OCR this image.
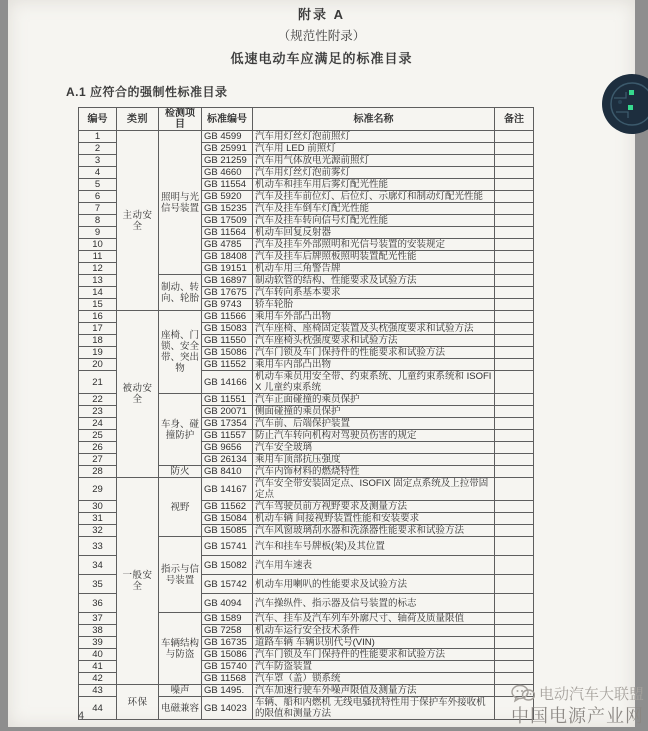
附录 A
（规范性附录）
低速电动车应满足的标准目录
A.1 应符合的强制性标准目录
编号	类别	检测项目	标准编号	标准名称	备注
1	主动安全	照明与光信号装置	GB 4599	汽车用灯丝灯泡前照灯	
2			GB 25991	汽车用 LED 前照灯	
3			GB 21259	汽车用气体放电光源前照灯	
4			GB 4660	汽车用灯丝灯泡前雾灯	
5			GB 11554	机动车和挂车用后雾灯配光性能	
6			GB 5920	汽车及挂车前位灯、后位灯、示廓灯和制动灯配光性能	
7			GB 15235	汽车及挂车倒车灯配光性能	
8			GB 17509	汽车及挂车转向信号灯配光性能	
9			GB 11564	机动车回复反射器	
10			GB 4785	汽车及挂车外部照明和光信号装置的安装规定	
11			GB 18408	汽车及挂车后牌照板照明装置配光性能	
12			GB 19151	机动车用三角警告牌	
13		制动、转向、轮胎	GB 16897	制动软管的结构、性能要求及试验方法	
14			GB 17675	汽车转向系基本要求	
15			GB 9743	轿车轮胎	
16	被动安全	座椅、门锁、安全带、突出物	GB 11566	乘用车外部凸出物	
17			GB 15083	汽车座椅、座椅固定装置及头枕强度要求和试验方法	
18			GB 11550	汽车座椅头枕强度要求和试验方法	
19			GB 15086	汽车门锁及车门保持件的性能要求和试验方法	
20			GB 11552	乘用车内部凸出物	
21			GB 14166	机动车乘员用安全带、约束系统、儿童约束系统和 ISOFIX 儿童约束系统	
22		车身、碰撞防护	GB 11551	汽车正面碰撞的乘员保护	
23			GB 20071	侧面碰撞的乘员保护	
24			GB 17354	汽车前、后端保护装置	
25			GB 11557	防止汽车转向机构对驾驶员伤害的规定	
26			GB 9656	汽车安全玻璃	
27			GB 26134	乘用车顶部抗压强度	
28		防火	GB 8410	汽车内饰材料的燃烧特性	
29	一般安全	视野	GB 14167	汽车安全带安装固定点、ISOFIX 固定点系统及上拉带固定点	
30			GB 11562	汽车驾驶员前方视野要求及测量方法	
31			GB 15084	机动车辆 间接视野装置性能和安装要求	
32			GB 15085	汽车风窗玻璃刮水器和洗涤器性能要求和试验方法	
33		指示与信号装置	GB 15741	汽车和挂车号牌板(架)及其位置	
34			GB 15082	汽车用车速表	
35			GB 15742	机动车用喇叭的性能要求及试验方法	
36			GB 4094	汽车操纵件、指示器及信号装置的标志	
37		车辆结构与防盗	GB 1589	汽车、挂车及汽车列车外廓尺寸、轴荷及质量限值	
38			GB 7258	机动车运行安全技术条件	
39			GB 16735	道路车辆 车辆识别代号(VIN)	
40			GB 15086	汽车门锁及车门保持件的性能要求和试验方法	
41			GB 15740	汽车防盗装置	
42			GB 11568	汽车罩（盖）锁系统	
43	环保	噪声	GB 1495.	汽车加速行驶车外噪声限值及测量方法	
44		电磁兼容	GB 14023	车辆、船和内燃机 无线电骚扰特性用于保护车外接收机的限值和测量方法	
4
电动汽车大联盟
中国电源产业网
